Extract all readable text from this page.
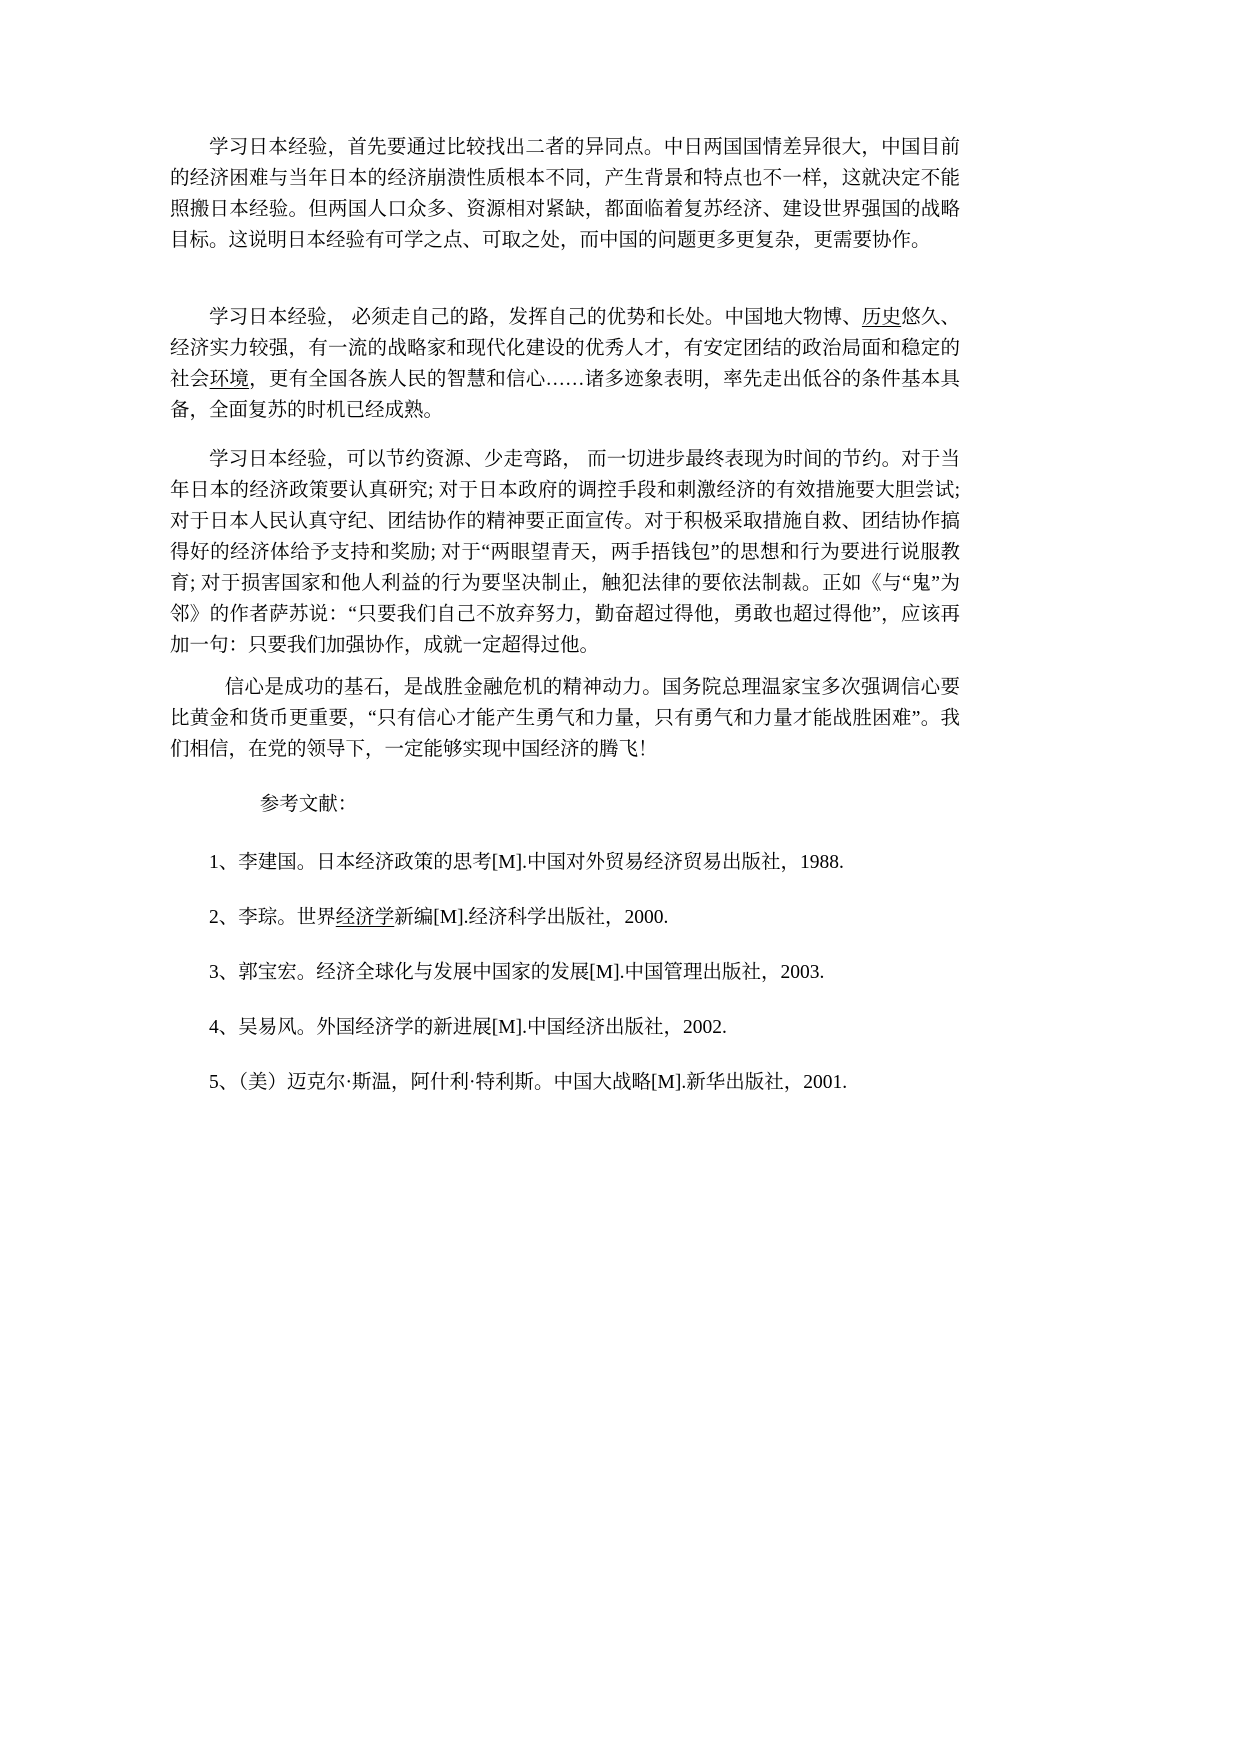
学习日本经验，首先要通过比较找出二者的异同点。中日两国国情差异很大，中国目前的经济困难与当年日本的经济崩溃性质根本不同，产生背景和特点也不一样，这就决定不能照搬日本经验。但两国人口众多、资源相对紧缺，都面临着复苏经济、建设世界强国的战略目标。这说明日本经验有可学之点、可取之处，而中国的问题更多更复杂，更需要协作。

学习日本经验， 必须走自己的路，发挥自己的优势和长处。中国地大物博、历史悠久、经济实力较强，有一流的战略家和现代化建设的优秀人才，有安定团结的政治局面和稳定的社会环境，更有全国各族人民的智慧和信心……诸多迹象表明，率先走出低谷的条件基本具备，全面复苏的时机已经成熟。

学习日本经验，可以节约资源、少走弯路， 而一切进步最终表现为时间的节约。对于当年日本的经济政策要认真研究; 对于日本政府的调控手段和刺激经济的有效措施要大胆尝试; 对于日本人民认真守纪、团结协作的精神要正面宣传。对于积极采取措施自救、团结协作搞得好的经济体给予支持和奖励; 对于“两眼望青天，两手捂钱包”的思想和行为要进行说服教育; 对于损害国家和他人利益的行为要坚决制止，触犯法律的要依法制裁。正如《与“鬼”为邻》的作者萨苏说：“只要我们自己不放弃努力，勤奋超过得他，勇敢也超过得他”，应该再加一句：只要我们加强协作，成就一定超得过他。

信心是成功的基石，是战胜金融危机的精神动力。国务院总理温家宝多次强调信心要比黄金和货币更重要，“只有信心才能产生勇气和力量，只有勇气和力量才能战胜困难”。我们相信，在党的领导下，一定能够实现中国经济的腾飞！

参考文献：

1、李建国。日本经济政策的思考[M].中国对外贸易经济贸易出版社，1988.

2、李琮。世界经济学新编[M].经济科学出版社，2000.

3、郭宝宏。经济全球化与发展中国家的发展[M].中国管理出版社，2003.

4、吴易风。外国经济学的新进展[M].中国经济出版社，2002.

5、（美）迈克尔·斯温，阿什利·特利斯。中国大战略[M].新华出版社，2001.
